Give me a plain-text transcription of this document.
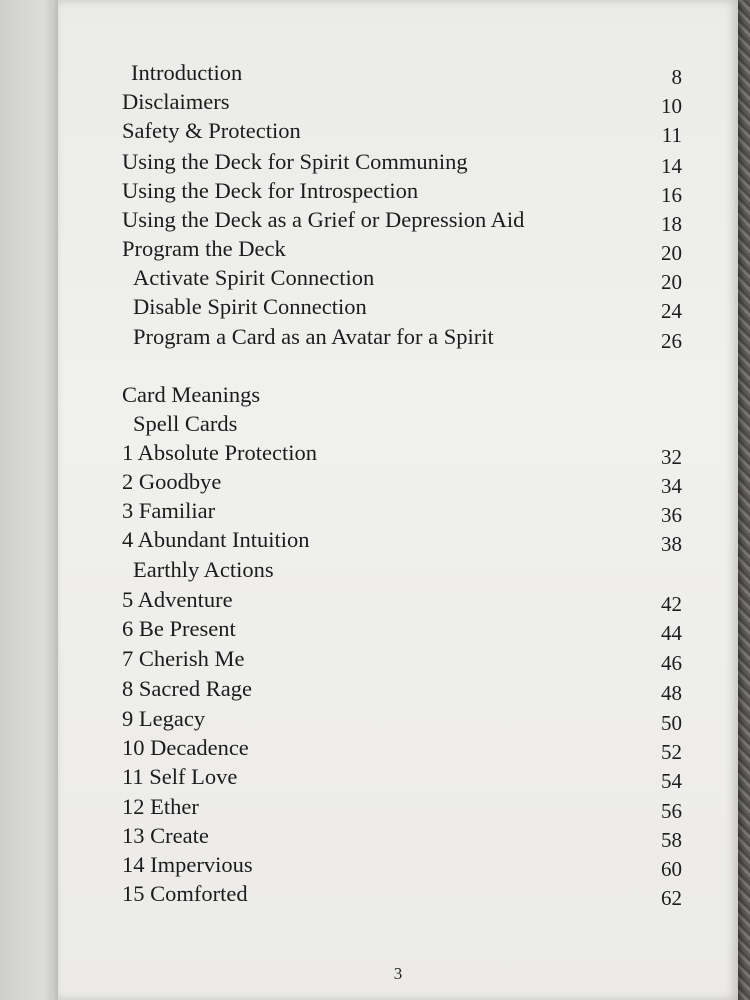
Introduction	8
Disclaimers	10
Safety & Protection	11
Using the Deck for Spirit Communing	14
Using the Deck for Introspection	16
Using the Deck as a Grief or Depression Aid	18
Program the Deck	20
Activate Spirit Connection	20
Disable Spirit Connection	24
Program a Card as an Avatar for a Spirit	26
Card Meanings
Spell Cards
1 Absolute Protection	32
2 Goodbye	34
3 Familiar	36
4 Abundant Intuition	38
Earthly Actions
5 Adventure	42
6 Be Present	44
7 Cherish Me	46
8 Sacred Rage	48
9 Legacy	50
10 Decadence	52
11 Self Love	54
12 Ether	56
13 Create	58
14 Impervious	60
15 Comforted	62
3
